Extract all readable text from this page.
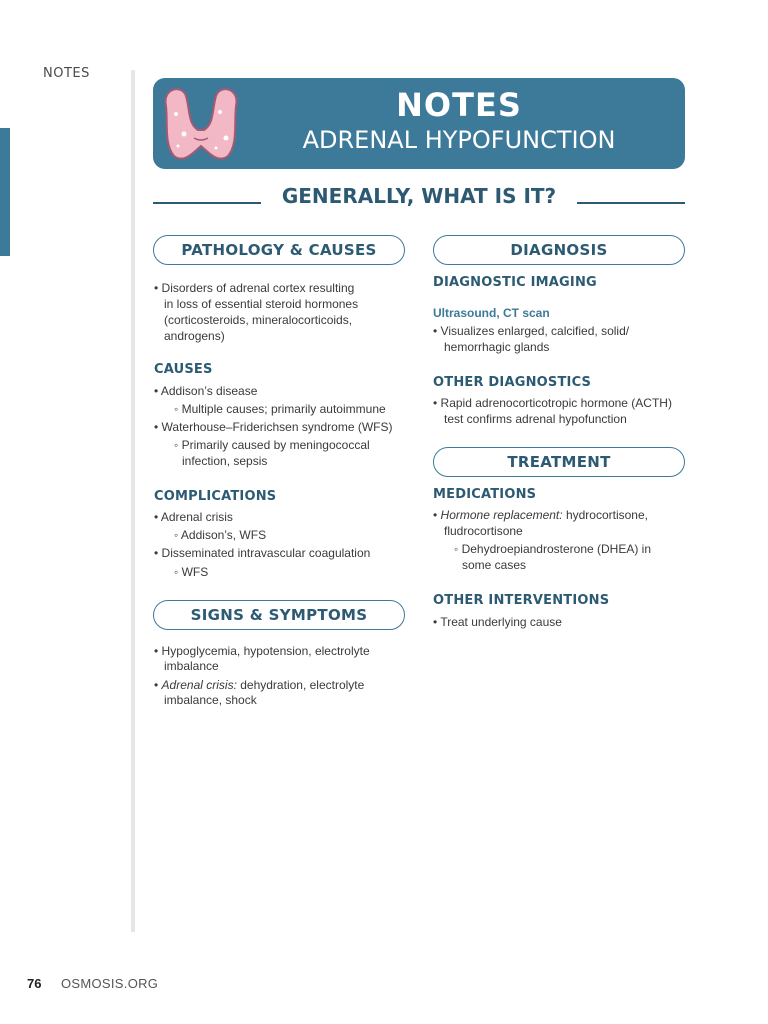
NOTES
NOTES
ADRENAL HYPOFUNCTION
GENERALLY, WHAT IS IT?
PATHOLOGY & CAUSES
• Disorders of adrenal cortex resulting
in loss of essential steroid hormones
(corticosteroids, mineralocorticoids,
androgens)
CAUSES
• Addison’s disease
◦ Multiple causes; primarily autoimmune
• Waterhouse–Friderichsen syndrome (WFS)
◦ Primarily caused by meningococcal
infection, sepsis
COMPLICATIONS
• Adrenal crisis
◦ Addison’s, WFS
• Disseminated intravascular coagulation
◦ WFS
SIGNS & SYMPTOMS
• Hypoglycemia, hypotension, electrolyte
imbalance
• Adrenal crisis: dehydration, electrolyte
imbalance, shock
DIAGNOSIS
DIAGNOSTIC IMAGING
Ultrasound, CT scan
• Visualizes enlarged, calcified, solid/
hemorrhagic glands
OTHER DIAGNOSTICS
• Rapid adrenocorticotropic hormone (ACTH)
test confirms adrenal hypofunction
TREATMENT
MEDICATIONS
• Hormone replacement: hydrocortisone,
fludrocortisone
◦ Dehydroepiandrosterone (DHEA) in
some cases
OTHER INTERVENTIONS
• Treat underlying cause
76 OSMOSIS.ORG
